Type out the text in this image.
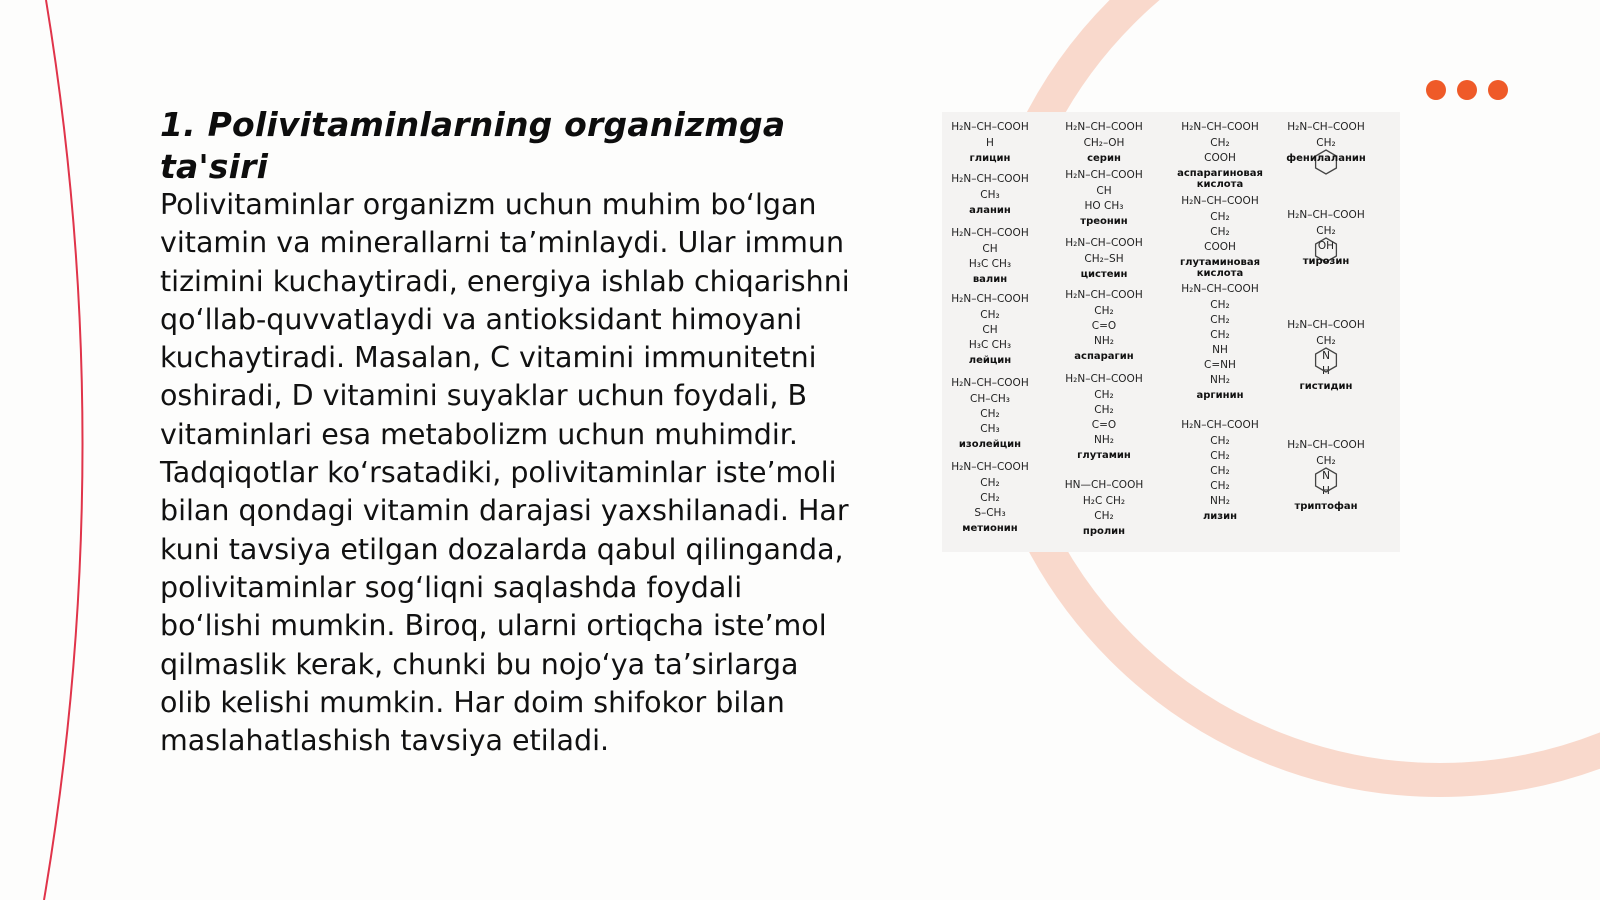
1. Polivitaminlarning organizmga ta'siri

Polivitaminlar organizm uchun muhim bo‘lgan vitamin va minerallarni ta’minlaydi. Ular immun tizimini kuchaytiradi, energiya ishlab chiqarishni qo‘llab-quvvatlaydi va antioksidant himoyani kuchaytiradi. Masalan, C vitamini immunitetni oshiradi, D vitamini suyaklar uchun foydali, B vitaminlari esa metabolizm uchun muhimdir. Tadqiqotlar ko‘rsatadiki, polivitaminlar iste’moli bilan qondagi vitamin darajasi yaxshilanadi. Har kuni tavsiya etilgan dozalarda qabul qilinganda, polivitaminlar sog‘liqni saqlashda foydali bo‘lishi mumkin. Biroq, ularni ortiqcha iste’mol qilmaslik kerak, chunki bu nojo‘ya ta’sirlarga olib kelishi mumkin. Har doim shifokor bilan maslahatlashish tavsiya etiladi.

H₂N–CH–COOH
H
глицин
H₂N–CH–COOH
CH₃
аланин
H₂N–CH–COOH
CH
H₃C CH₃
валин
H₂N–CH–COOH
CH₂
CH
H₃C CH₃
лейцин
H₂N–CH–COOH
CH–CH₃
CH₂
CH₃
изолейцин
H₂N–CH–COOH
CH₂
CH₂
S–CH₃
метионин
H₂N–CH–COOH
CH₂–OH
серин
H₂N–CH–COOH
CH
HO CH₃
треонин
H₂N–CH–COOH
CH₂–SH
цистеин
H₂N–CH–COOH
CH₂
C=O
NH₂
аспарагин
H₂N–CH–COOH
CH₂
CH₂
C=O
NH₂
глутамин
HN—CH–COOH
H₂C CH₂
CH₂
пролин
H₂N–CH–COOH
CH₂
COOH
аспарагиновая
кислота
H₂N–CH–COOH
CH₂
CH₂
COOH
глутаминовая
кислота
H₂N–CH–COOH
CH₂
CH₂
CH₂
NH
C=NH
NH₂
аргинин
H₂N–CH–COOH
CH₂
CH₂
CH₂
CH₂
NH₂
лизин
H₂N–CH–COOH
CH₂
фенилаланин
H₂N–CH–COOH
CH₂
OH
тирозин
H₂N–CH–COOH
CH₂
N
H
гистидин
H₂N–CH–COOH
CH₂
N
H
триптофан
